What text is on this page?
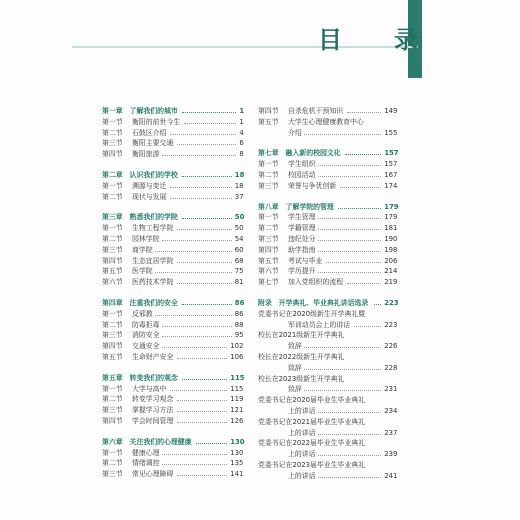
目　录
第一章　了解我们的城市	1
第一节 衡阳的前世今生	1
第二节 石鼓区介绍	4
第三节 衡阳主要交通	6
第四节 衡阳旅游	8
第二章　认识我们的学校	18
第一节 溯源与变迁	18
第二节 现状与发展	37
第三章　熟悉我们的学院	50
第一节 生物工程学院	50
第二节 园林学院	54
第三节 商学院	60
第四节 生态宜居学院	68
第五节 医学院	75
第六节 医药技术学院	81
第四章　注重我们的安全	86
第一节 反邪教	86
第二节 防毒拒毒	88
第三节 消防安全	95
第四节 交通安全	102
第五节 生命财产安全	106
第五章　转变我们的观念	115
第一节 大学与高中	115
第二节 转变学习观念	119
第三节 掌握学习方法	121
第四节 学会时间管理	126
第六章　关注我们的心理健康	130
第一节 健康心理	130
第二节 情绪调控	135
第三节 常见心理障碍	141
第四节 自杀危机干预知识	149
第五节 大学生心理健康教育中心
介绍	155
第七章　融入新的校园文化	157
第一节 学生组织	157
第二节 校园活动	167
第三节 荣誉与争优创新	174
第八章　了解学院的管理	179
第一节 学生管理	179
第二节 学籍管理	181
第三节 违纪处分	190
第四节 助学指南	198
第五节 考试与毕业	206
第六节 学历提升	214
第七节 加入党组织的流程	219
附录　开学典礼、毕业典礼讲话选录 223
党委书记在2020级新生开学典礼暨
军训动员会上的讲话	223
校长在2021级新生开学典礼
致辞	226
校长在2022级新生开学典礼
致辞	228
校长在2023级新生开学典礼
致辞	231
党委书记在2020届毕业生毕业典礼
上的讲话	234
党委书记在2021届毕业生毕业典礼
上的讲话	237
党委书记在2022届毕业生毕业典礼
上的讲话	239
党委书记在2023届毕业生毕业典礼
上的讲话	241
